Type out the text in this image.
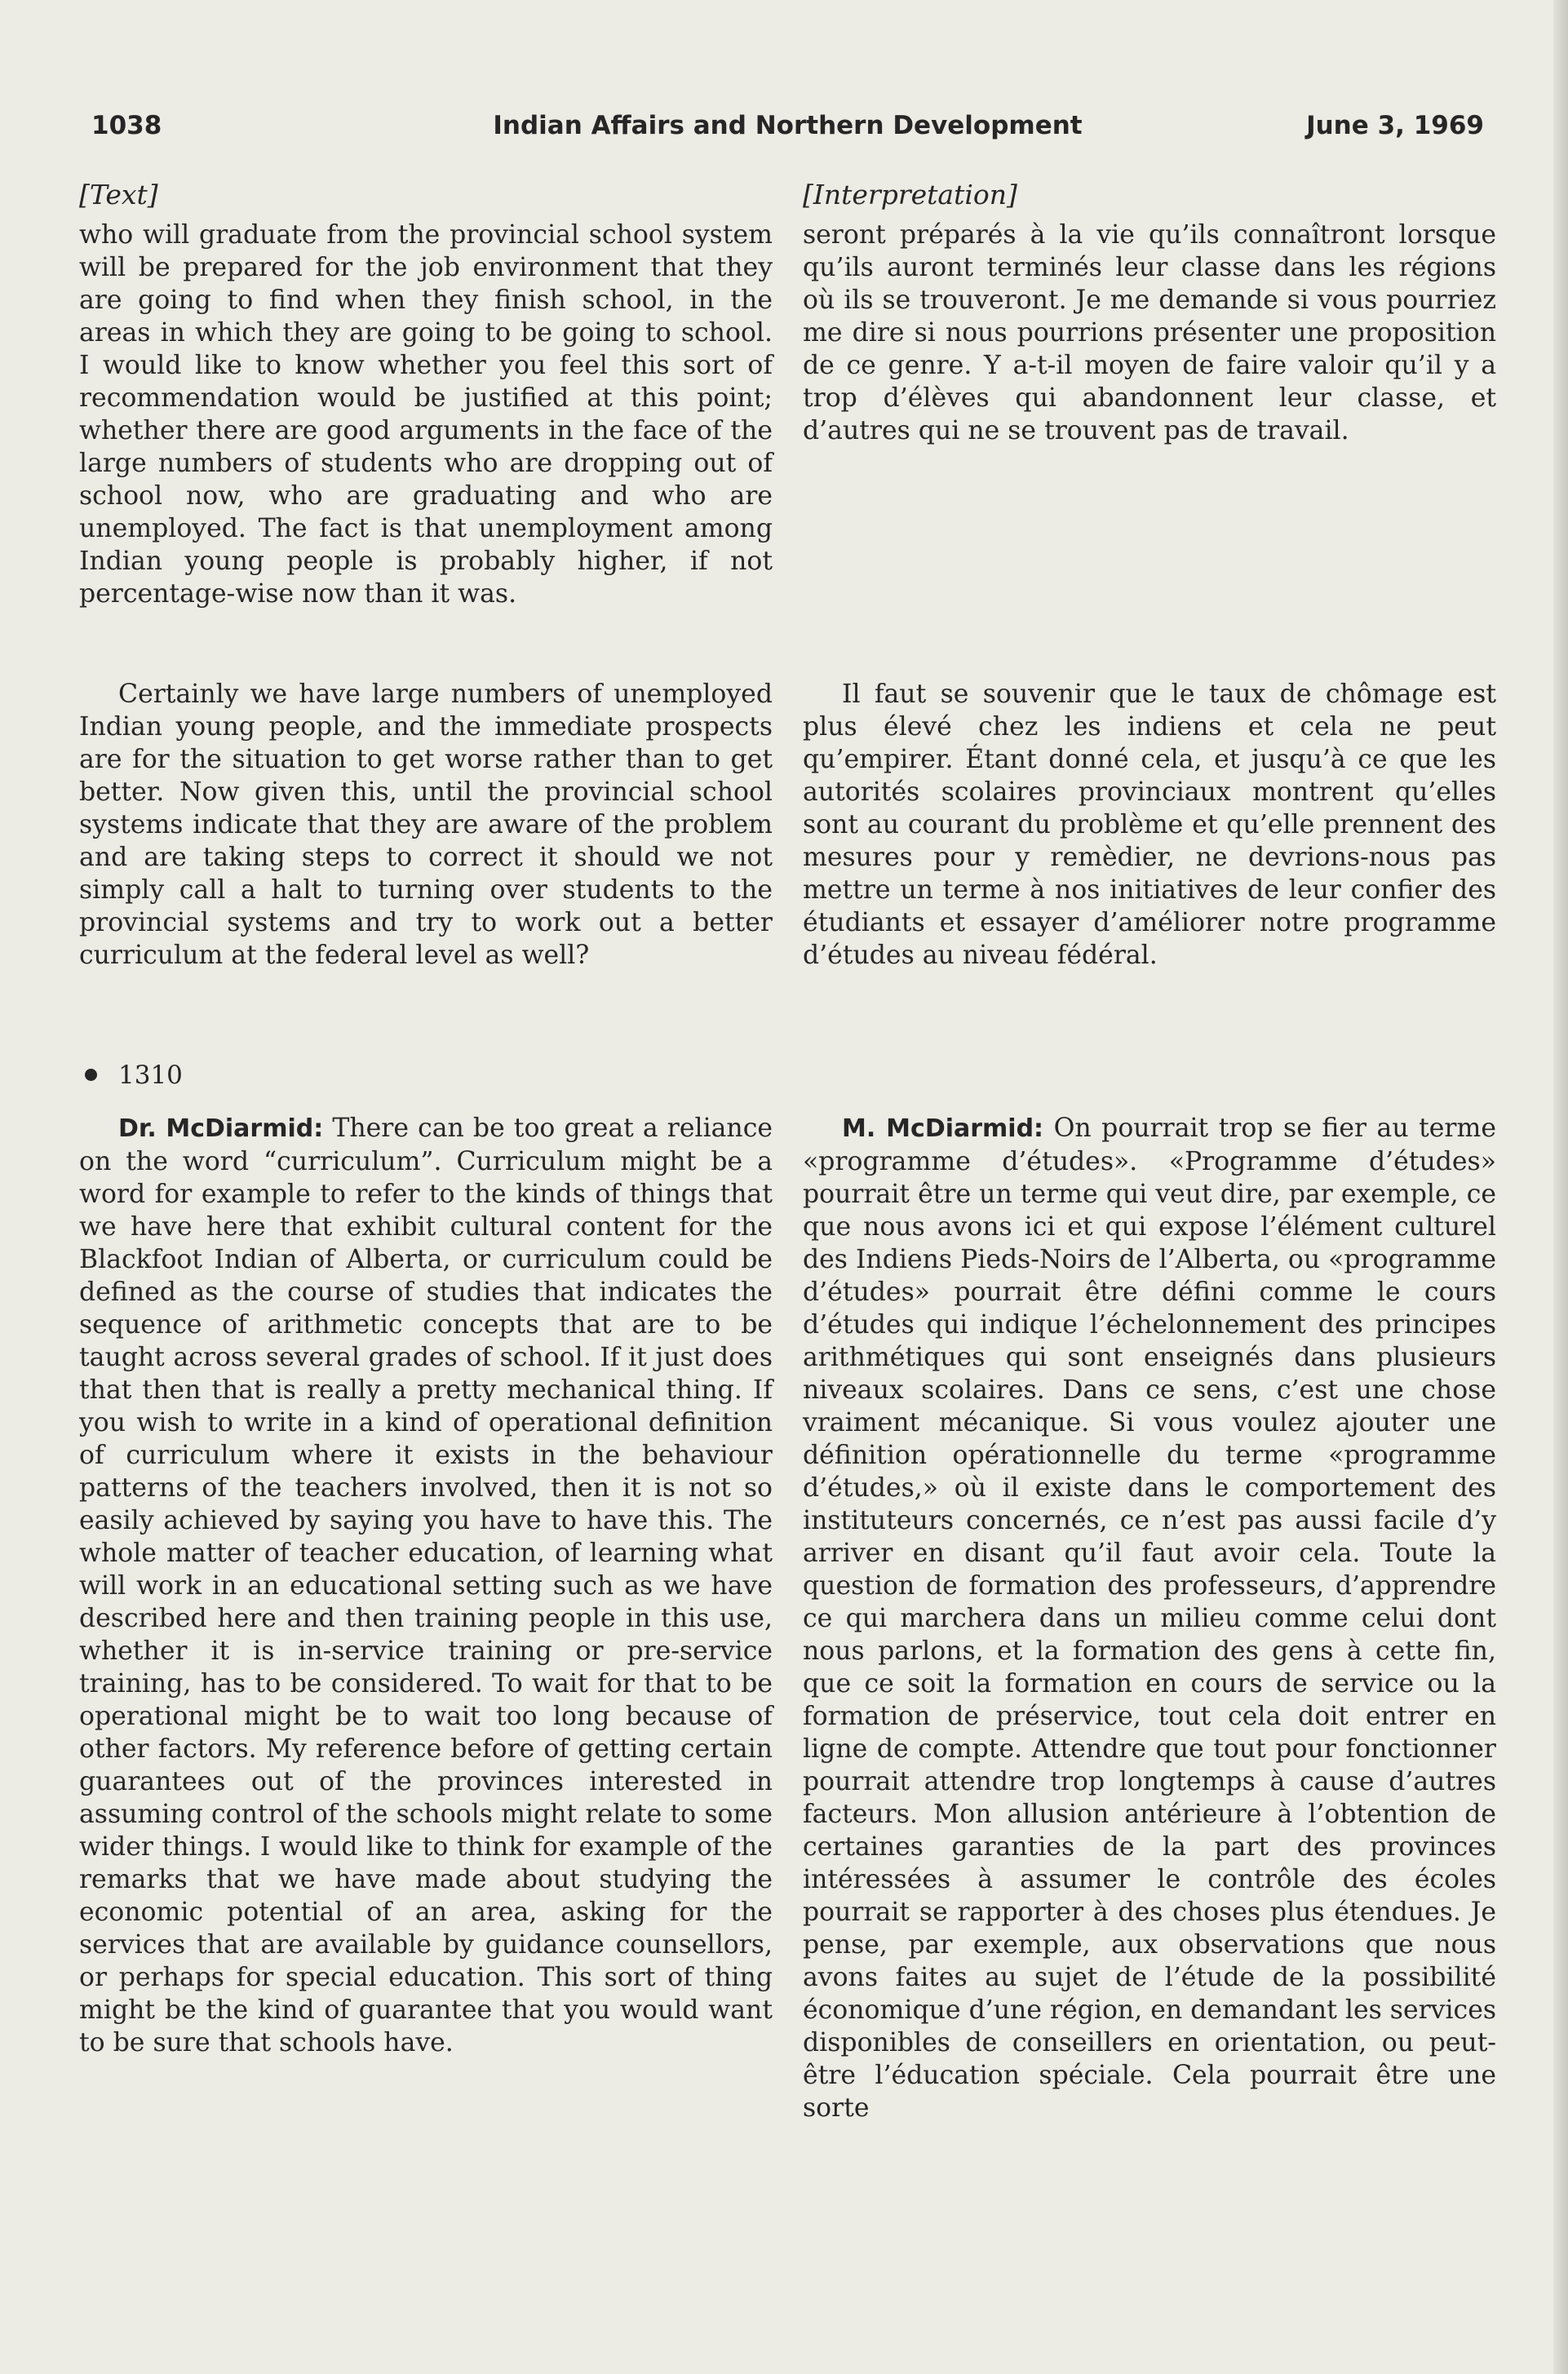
1038	Indian Affairs and Northern Development	June 3, 1969
[Text]

who will graduate from the provincial school system will be prepared for the job environment that they are going to find when they finish school, in the areas in which they are going to be going to school. I would like to know whether you feel this sort of recommendation would be justified at this point; whether there are good arguments in the face of the large numbers of students who are dropping out of school now, who are graduating and who are unemployed. The fact is that unemployment among Indian young people is probably higher, if not percentage-wise now than it was.

Certainly we have large numbers of unemployed Indian young people, and the immediate prospects are for the situation to get worse rather than to get better. Now given this, until the provincial school systems indicate that they are aware of the problem and are taking steps to correct it should we not simply call a halt to turning over students to the provincial systems and try to work out a better curriculum at the federal level as well?

1310

Dr. McDiarmid: There can be too great a reliance on the word “curriculum”. Curriculum might be a word for example to refer to the kinds of things that we have here that exhibit cultural content for the Blackfoot Indian of Alberta, or curriculum could be defined as the course of studies that indicates the sequence of arithmetic concepts that are to be taught across several grades of school. If it just does that then that is really a pretty mechanical thing. If you wish to write in a kind of operational definition of curriculum where it exists in the behaviour patterns of the teachers involved, then it is not so easily achieved by saying you have to have this. The whole matter of teacher education, of learning what will work in an educational setting such as we have described here and then training people in this use, whether it is in-service training or pre-service training, has to be considered. To wait for that to be operational might be to wait too long because of other factors. My reference before of getting certain guarantees out of the provinces interested in assuming control of the schools might relate to some wider things. I would like to think for example of the remarks that we have made about studying the economic potential of an area, asking for the services that are available by guidance counsellors, or perhaps for special education. This sort of thing might be the kind of guarantee that you would want to be sure that schools have.

[Interpretation]

seront préparés à la vie qu’ils connaîtront lorsque qu’ils auront terminés leur classe dans les régions où ils se trouveront. Je me demande si vous pourriez me dire si nous pourrions présenter une proposition de ce genre. Y a-t-il moyen de faire valoir qu’il y a trop d’élèves qui abandonnent leur classe, et d’autres qui ne se trouvent pas de travail.

Il faut se souvenir que le taux de chômage est plus élevé chez les indiens et cela ne peut qu’empirer. Étant donné cela, et jusqu’à ce que les autorités scolaires provinciaux montrent qu’elles sont au courant du problème et qu’elle prennent des mesures pour y remèdier, ne devrions-nous pas mettre un terme à nos initiatives de leur confier des étudiants et essayer d’améliorer notre programme d’études au niveau fédéral.

M. McDiarmid: On pourrait trop se fier au terme «programme d’études». «Programme d’études» pourrait être un terme qui veut dire, par exemple, ce que nous avons ici et qui expose l’élément culturel des Indiens Pieds-Noirs de l’Alberta, ou «programme d’études» pourrait être défini comme le cours d’études qui indique l’échelonnement des principes arithmétiques qui sont enseignés dans plusieurs niveaux scolaires. Dans ce sens, c’est une chose vraiment mécanique. Si vous voulez ajouter une définition opérationnelle du terme «programme d’études,» où il existe dans le comportement des instituteurs concernés, ce n’est pas aussi facile d’y arriver en disant qu’il faut avoir cela. Toute la question de formation des professeurs, d’apprendre ce qui marchera dans un milieu comme celui dont nous parlons, et la formation des gens à cette fin, que ce soit la formation en cours de service ou la formation de préservice, tout cela doit entrer en ligne de compte. Attendre que tout pour fonctionner pourrait attendre trop longtemps à cause d’autres facteurs. Mon allusion antérieure à l’obtention de certaines garanties de la part des provinces intéressées à assumer le contrôle des écoles pourrait se rapporter à des choses plus étendues. Je pense, par exemple, aux observations que nous avons faites au sujet de l’étude de la possibilité économique d’une région, en demandant les services disponibles de conseillers en orientation, ou peut-être l’éducation spéciale. Cela pourrait être une sorte
